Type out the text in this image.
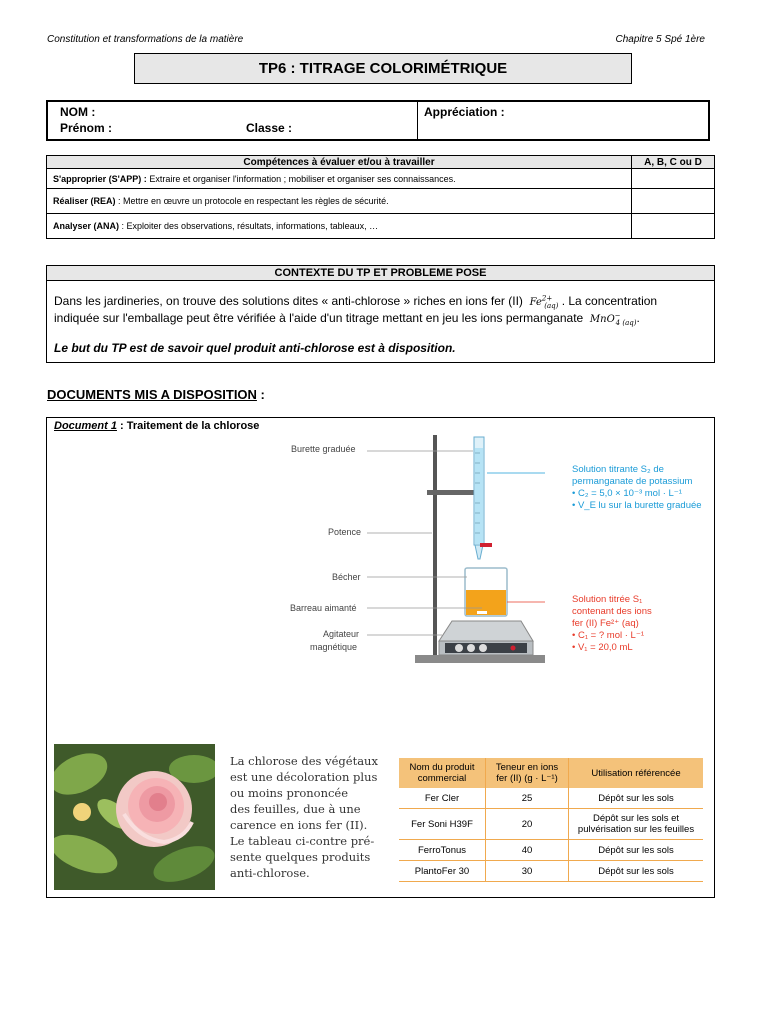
Constitution et transformations de la matière	Chapitre 5 Spé 1ère
TP6 : TITRAGE COLORIMÉTRIQUE
NOM :
Prénom :	Classe :
Appréciation :
Compétences à évaluer et/ou à travailler	A, B, C ou D
S'approprier (S'APP) : Extraire et organiser l'information ; mobiliser et organiser ses connaissances.	
Réaliser (REA) : Mettre en œuvre un protocole en respectant les règles de sécurité.	
Analyser (ANA) : Exploiter des observations, résultats, informations, tableaux, …	
CONTEXTE DU TP ET PROBLEME POSE

Dans les jardineries, on trouve des solutions dites « anti-chlorose » riches en ions fer (II) $Fe^{2+}_{(aq)}$ . La concentration

indiquée sur l'emballage peut être vérifiée à l'aide d'un titrage mettant en jeu les ions permanganate MnO−$_{4 (aq)}$.

Le but du TP est de savoir quel produit anti-chlorose est à disposition.

DOCUMENTS MIS A DISPOSITION :
Document 1 : Traitement de la chlorose
Burette graduée
Potence
Bécher
Barreau aimanté
Agitateur
magnétique
Solution titrante S₂ de
permanganate de potassium
• C₂ = 5,0 × 10⁻³ mol · L⁻¹
• V_E lu sur la burette graduée
Solution titrée S₁
contenant des ions
fer (II) Fe²⁺ (aq)
• C₁ = ? mol · L⁻¹
• V₁ = 20,0 mL
La chlorose des végétaux
est une décoloration plus
ou moins prononcée
des feuilles, due à une
carence en ions fer (II).
Le tableau ci-contre pré-
sente quelques produits
anti-chlorose.
Nom du produit commercial	Teneur en ions fer (II) (g · L⁻¹)	Utilisation référencée
Fer Cler	25	Dépôt sur les sols
Fer Soni H39F	20	Dépôt sur les sols et pulvérisation sur les feuilles
FerroTonus	40	Dépôt sur les sols
PlantoFer 30	30	Dépôt sur les sols
